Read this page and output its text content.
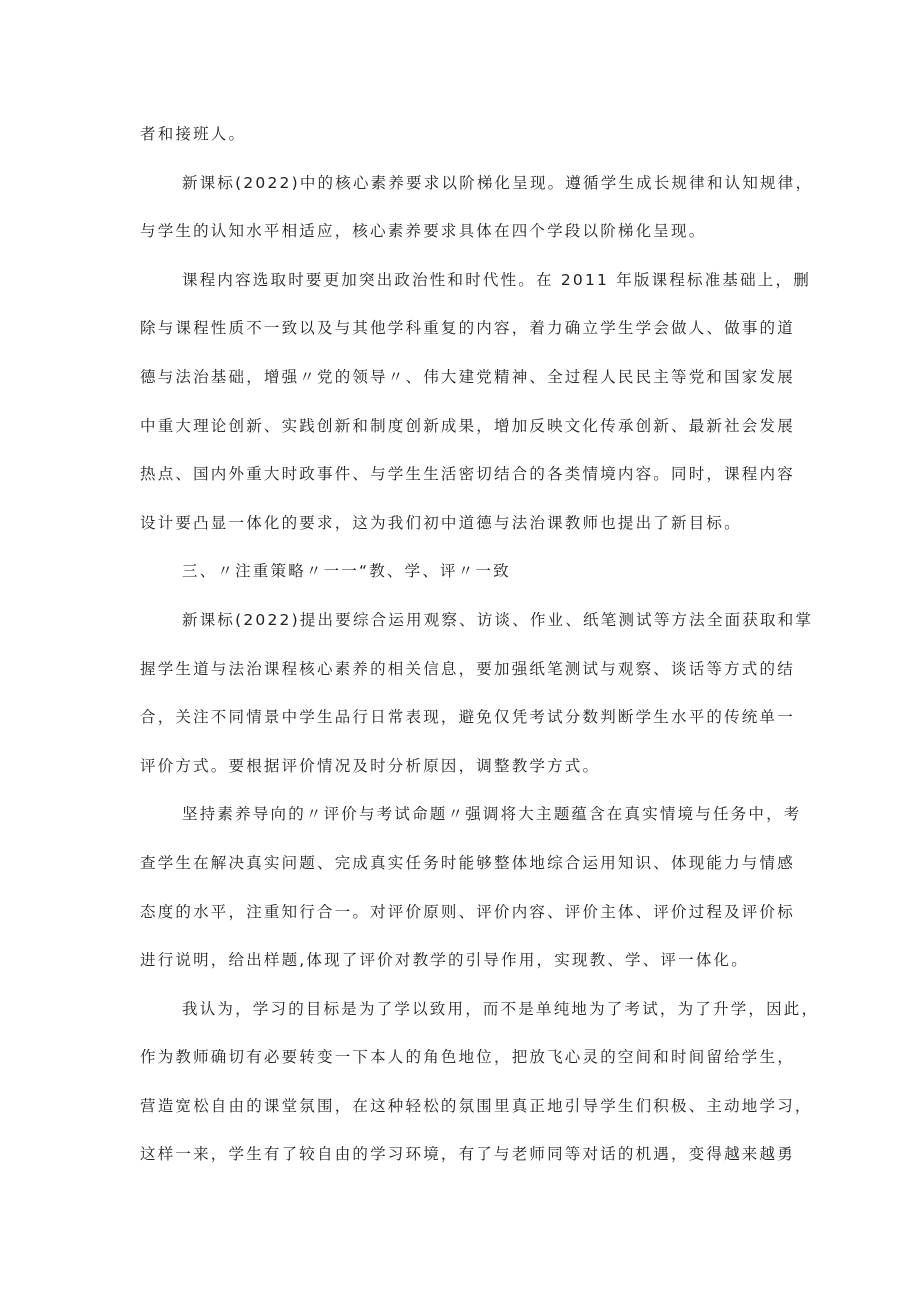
者和接班人。
新课标(2022)中的核心素养要求以阶梯化呈现。遵循学生成长规律和认知规律，
与学生的认知水平相适应，核心素养要求具体在四个学段以阶梯化呈现。
课程内容选取时要更加突出政治性和时代性。在 2011 年版课程标准基础上，删
除与课程性质不一致以及与其他学科重复的内容，着力确立学生学会做人、做事的道
德与法治基础，增强〃党的领导〃、伟大建党精神、全过程人民民主等党和国家发展
中重大理论创新、实践创新和制度创新成果，增加反映文化传承创新、最新社会发展
热点、国内外重大时政事件、与学生生活密切结合的各类情境内容。同时，课程内容
设计要凸显一体化的要求，这为我们初中道德与法治课教师也提出了新目标。
三、〃注重策略〃一一“教、学、评〃一致
新课标(2022)提出要综合运用观察、访谈、作业、纸笔测试等方法全面获取和掌
握学生道与法治课程核心素养的相关信息，要加强纸笔测试与观察、谈话等方式的结
合，关注不同情景中学生品行日常表现，避免仅凭考试分数判断学生水平的传统单一
评价方式。要根据评价情况及时分析原因，调整教学方式。
坚持素养导向的〃评价与考试命题〃强调将大主题蕴含在真实情境与任务中，考
查学生在解决真实问题、完成真实任务时能够整体地综合运用知识、体现能力与情感
态度的水平，注重知行合一。对评价原则、评价内容、评价主体、评价过程及评价标
进行说明，给出样题,体现了评价对教学的引导作用，实现教、学、评一体化。
我认为，学习的目标是为了学以致用，而不是单纯地为了考试，为了升学，因此，
作为教师确切有必要转变一下本人的角色地位，把放飞心灵的空间和时间留给学生，
营造宽松自由的课堂氛围，在这种轻松的氛围里真正地引导学生们积极、主动地学习，
这样一来，学生有了较自由的学习环境，有了与老师同等对话的机遇，变得越来越勇
